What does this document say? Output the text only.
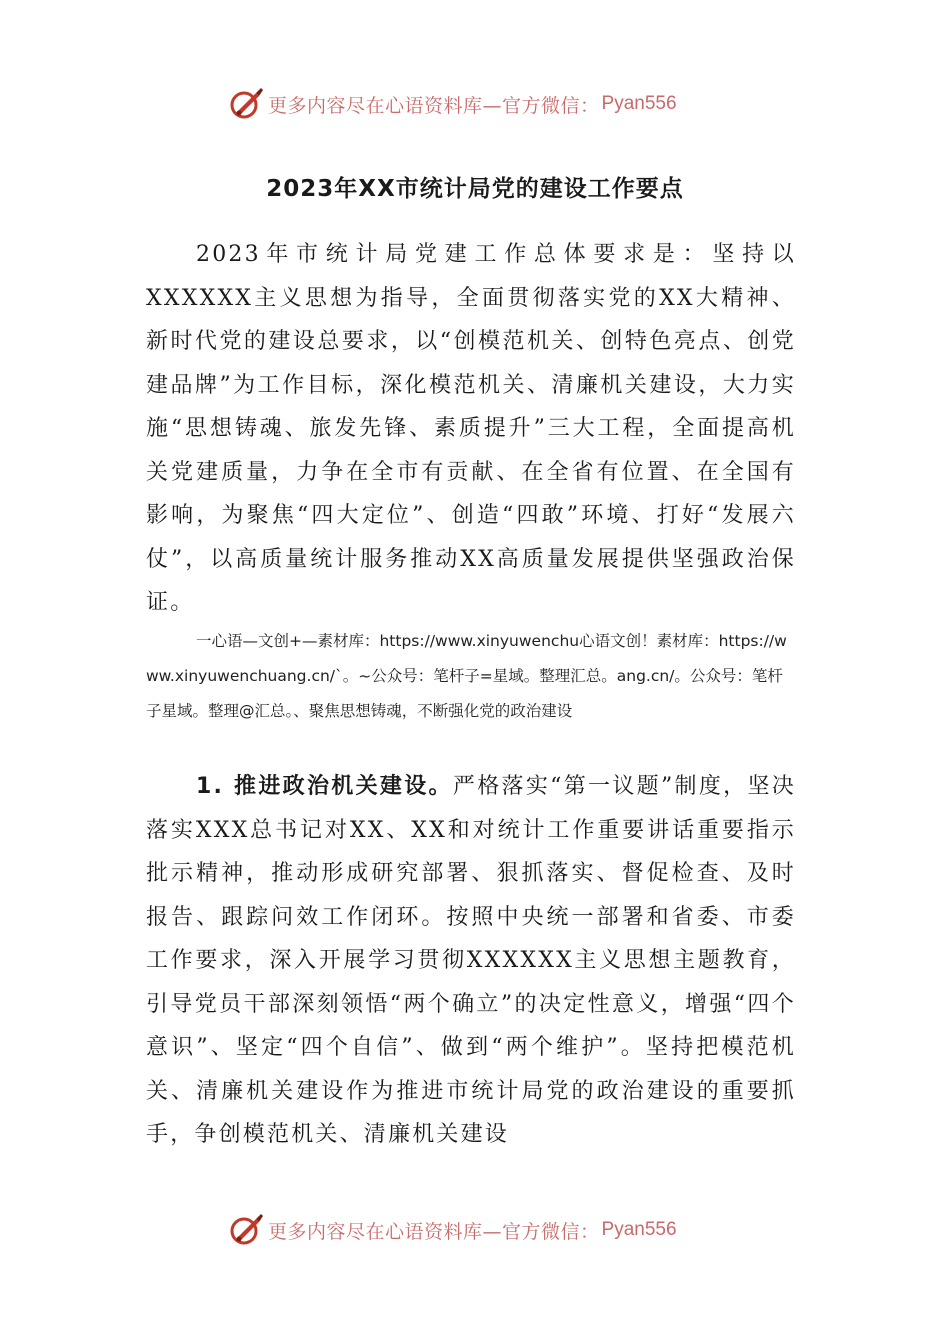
更多内容尽在心语资料库—官方微信： Pyan556
2023年XX市统计局党的建设工作要点

2023年市统计局党建工作总体要求是：坚持以XXXXXX主义思想为指导，全面贯彻落实党的XX大精神、新时代党的建设总要求，以“创模范机关、创特色亮点、创党建品牌”为工作目标，深化模范机关、清廉机关建设，大力实施“思想铸魂、旅发先锋、素质提升”三大工程，全面提高机关党建质量，力争在全市有贡献、在全省有位置、在全国有影响，为聚焦“四大定位”、创造“四敢”环境、打好“发展六仗”，以高质量统计服务推动XX高质量发展提供坚强政治保证。

一心语—文创+—素材库：https://www.xinyuwenchu心语文创！素材库：https://www.xinyuwenchuang.cn/`。~公众号：笔杆子=星域。整理汇总。ang.cn/。公众号：笔杆子星域。整理@汇总。、聚焦思想铸魂，不断强化党的政治建设

1. 推进政治机关建设。严格落实“第一议题”制度，坚决落实XXX总书记对XX、XX和对统计工作重要讲话重要指示批示精神，推动形成研究部署、狠抓落实、督促检查、及时报告、跟踪问效工作闭环。按照中央统一部署和省委、市委工作要求，深入开展学习贯彻XXXXXX主义思想主题教育，引导党员干部深刻领悟“两个确立”的决定性意义，增强“四个意识”、坚定“四个自信”、做到“两个维护”。坚持把模范机关、清廉机关建设作为推进市统计局党的政治建设的重要抓手，争创模范机关、清廉机关建设

更多内容尽在心语资料库—官方微信： Pyan556
